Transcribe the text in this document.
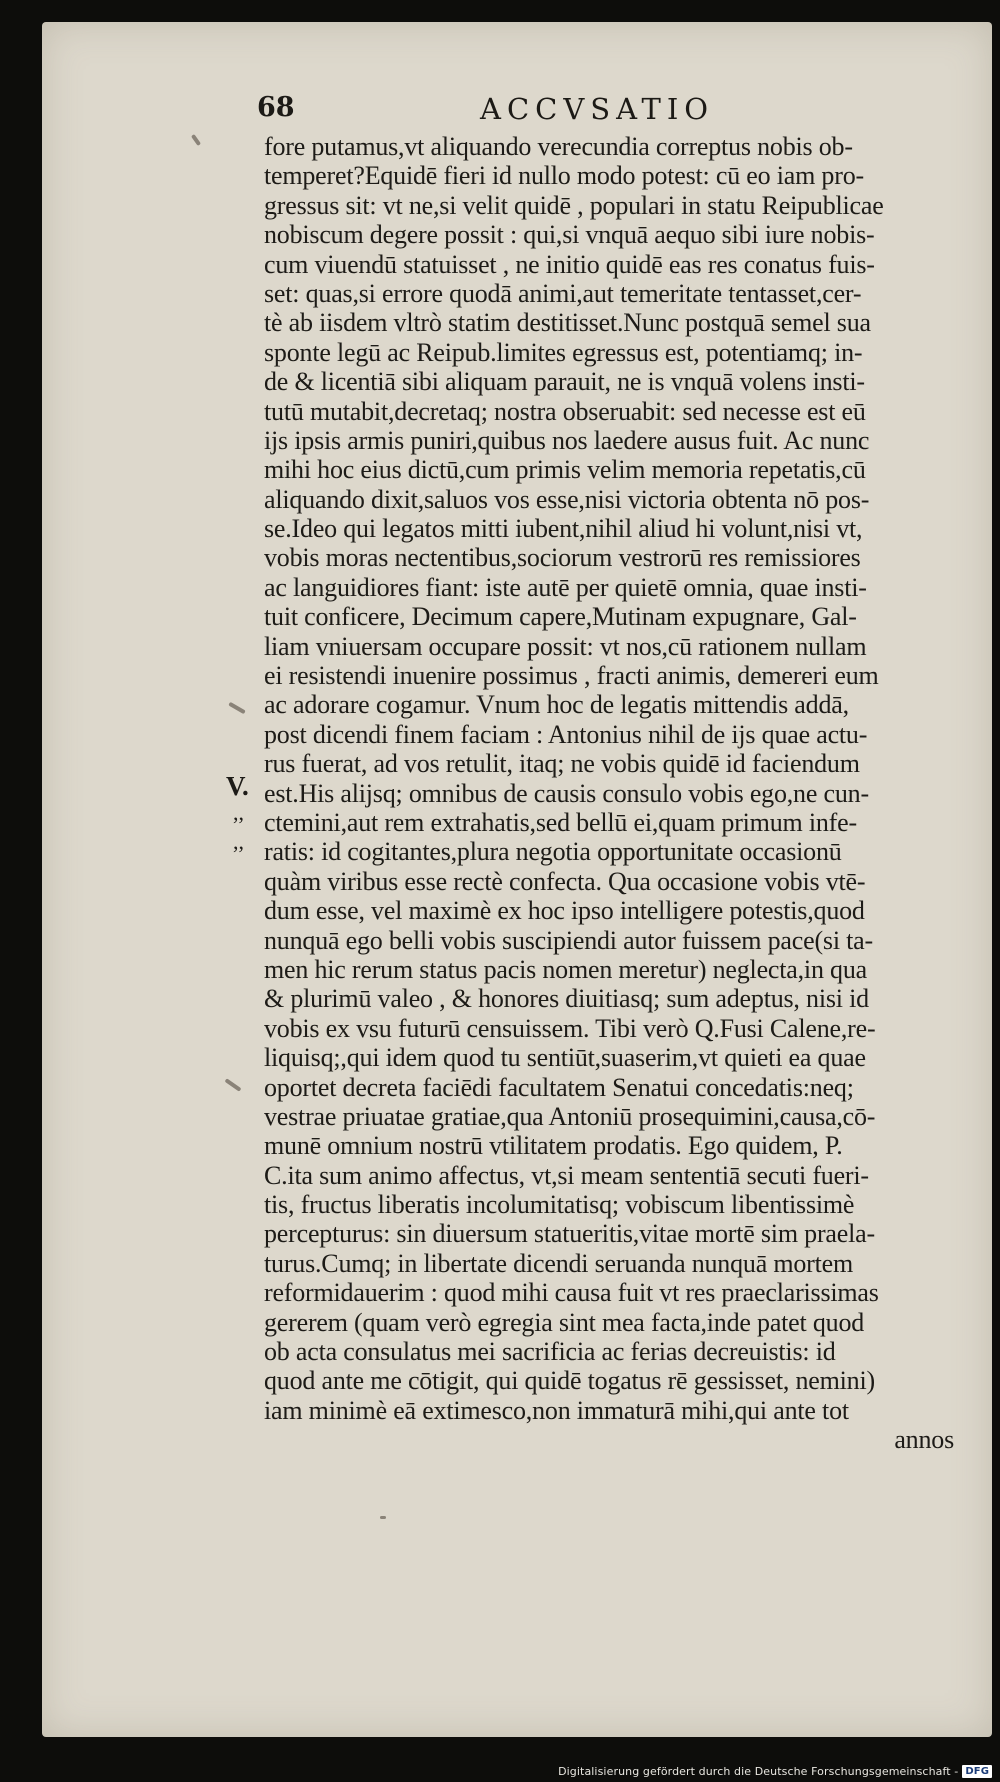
68	ACCVSATIO
fore putamus,vt aliquando verecundia correptus nobis ob-
temperet?Equidē fieri id nullo modo potest: cū eo iam pro-
gressus sit: vt ne,si velit quidē , populari in statu Reipublicae
nobiscum degere possit : qui,si vnquā aequo sibi iure nobis-
cum viuendū statuisset , ne initio quidē eas res conatus fuis-
set: quas,si errore quodā animi,aut temeritate tentasset,cer-
tè ab iisdem vltrò statim destitisset.Nunc postquā semel sua
sponte legū ac Reipub.limites egressus est, potentiamq; in-
de & licentiā sibi aliquam parauit, ne is vnquā volens insti-
tutū mutabit,decretaq; nostra obseruabit: sed necesse est eū
ijs ipsis armis puniri,quibus nos laedere ausus fuit. Ac nunc
mihi hoc eius dictū,cum primis velim memoria repetatis,cū
aliquando dixit,saluos vos esse,nisi victoria obtenta nō pos-
se.Ideo qui legatos mitti iubent,nihil aliud hi volunt,nisi vt,
vobis moras nectentibus,sociorum vestrorū res remissiores
ac languidiores fiant: iste autē per quietē omnia, quae insti-
tuit conficere, Decimum capere,Mutinam expugnare, Gal-
liam vniuersam occupare possit: vt nos,cū rationem nullam
ei resistendi inuenire possimus , fracti animis, demereri eum
ac adorare cogamur. Vnum hoc de legatis mittendis addā,
post dicendi finem faciam : Antonius nihil de ijs quae actu-
rus fuerat, ad vos retulit, itaq; ne vobis quidē id faciendum
est.His alijsq; omnibus de causis consulo vobis ego,ne cun-
ctemini,aut rem extrahatis,sed bellū ei,quam primum infe-
ratis: id cogitantes,plura negotia opportunitate occasionū
quàm viribus esse rectè confecta. Qua occasione vobis vtē-
dum esse, vel maximè ex hoc ipso intelligere potestis,quod
nunquā ego belli vobis suscipiendi autor fuissem pace(si ta-
men hic rerum status pacis nomen meretur) neglecta,in qua
& plurimū valeo , & honores diuitiasq; sum adeptus, nisi id
vobis ex vsu futurū censuissem. Tibi verò Q.Fusi Calene,re-
liquisq;,qui idem quod tu sentiūt,suaserim,vt quieti ea quae
oportet decreta faciēdi facultatem Senatui concedatis:neq;
vestrae priuatae gratiae,qua Antoniū prosequimini,causa,cō-
munē omnium nostrū vtilitatem prodatis. Ego quidem, P.
C.ita sum animo affectus, vt,si meam sententiā secuti fueri-
tis, fructus liberatis incolumitatisq; vobiscum libentissimè
percepturus: sin diuersum statueritis,vitae mortē sim praela-
turus.Cumq; in libertate dicendi seruanda nunquā mortem
reformidauerim : quod mihi causa fuit vt res praeclarissimas
gererem (quam verò egregia sint mea facta,inde patet quod
ob acta consulatus mei sacrificia ac ferias decreuistis: id
quod ante me cōtigit, qui quidē togatus rē gessisset, nemini)
iam minimè eā extimesco,non immaturā mihi,qui ante tot
annos
V.
,,
,,
Digitalisierung gefördert durch die Deutsche Forschungsgemeinschaft - DFG
